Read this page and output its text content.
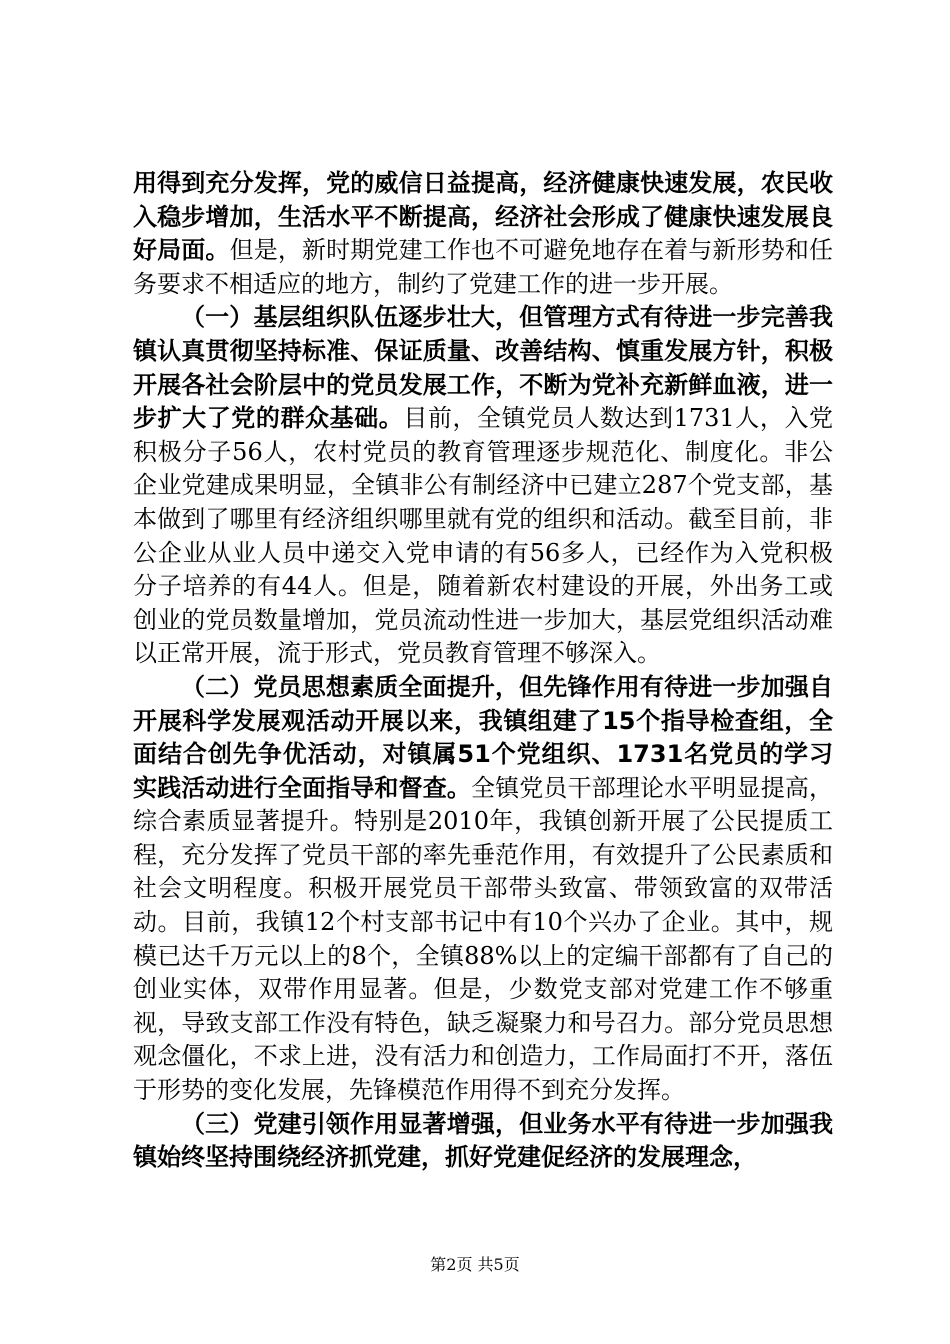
用得到充分发挥，党的威信日益提高，经济健康快速发展，农民收入稳步增加，生活水平不断提高，经济社会形成了健康快速发展良好局面。但是，新时期党建工作也不可避免地存在着与新形势和任务要求不相适应的地方，制约了党建工作的进一步开展。

（一）基层组织队伍逐步壮大，但管理方式有待进一步完善我镇认真贯彻坚持标准、保证质量、改善结构、慎重发展方针，积极开展各社会阶层中的党员发展工作，不断为党补充新鲜血液，进一步扩大了党的群众基础。目前，全镇党员人数达到1731人，入党积极分子56人，农村党员的教育管理逐步规范化、制度化。非公企业党建成果明显，全镇非公有制经济中已建立287个党支部，基本做到了哪里有经济组织哪里就有党的组织和活动。截至目前，非公企业从业人员中递交入党申请的有56多人，已经作为入党积极分子培养的有44人。但是，随着新农村建设的开展，外出务工或创业的党员数量增加，党员流动性进一步加大，基层党组织活动难以正常开展，流于形式，党员教育管理不够深入。

（二）党员思想素质全面提升，但先锋作用有待进一步加强自开展科学发展观活动开展以来，我镇组建了15个指导检查组，全面结合创先争优活动，对镇属51个党组织、1731名党员的学习实践活动进行全面指导和督查。全镇党员干部理论水平明显提高，综合素质显著提升。特别是2010年，我镇创新开展了公民提质工程，充分发挥了党员干部的率先垂范作用，有效提升了公民素质和社会文明程度。积极开展党员干部带头致富、带领致富的双带活动。目前，我镇12个村支部书记中有10个兴办了企业。其中，规模已达千万元以上的8个，全镇88%以上的定编干部都有了自己的创业实体，双带作用显著。但是，少数党支部对党建工作不够重视，导致支部工作没有特色，缺乏凝聚力和号召力。部分党员思想观念僵化，不求上进，没有活力和创造力，工作局面打不开，落伍于形势的变化发展，先锋模范作用得不到充分发挥。

（三）党建引领作用显著增强，但业务水平有待进一步加强我镇始终坚持围绕经济抓党建，抓好党建促经济的发展理念，

第2页 共5页
